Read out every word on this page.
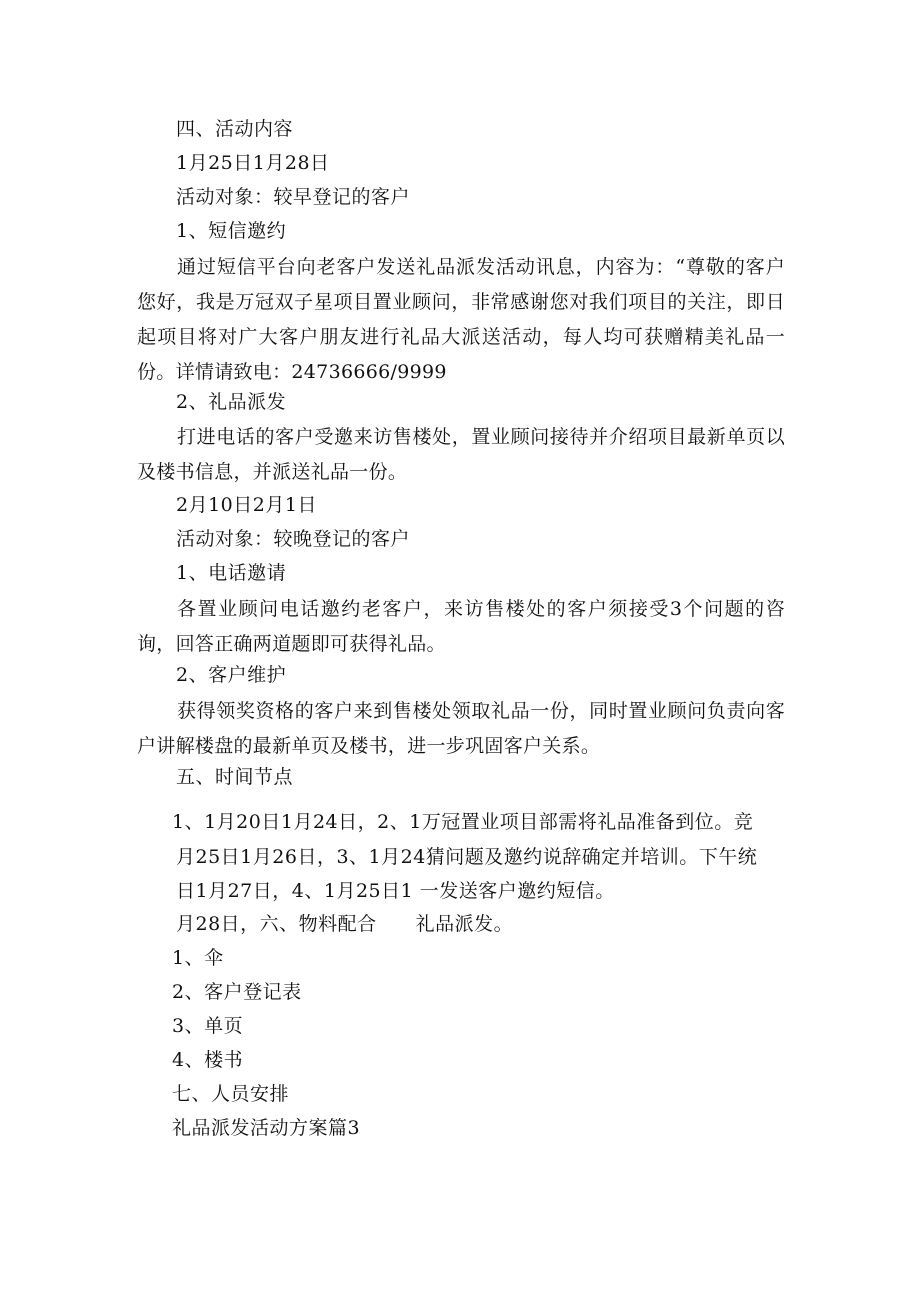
四、活动内容
1月25日1月28日
活动对象：较早登记的客户
1、短信邀约
通过短信平台向老客户发送礼品派发活动讯息，内容为：“尊敬的客户您好，我是万冠双子星项目置业顾问，非常感谢您对我们项目的关注，即日起项目将对广大客户朋友进行礼品大派送活动，每人均可获赠精美礼品一份。详情请致电：24736666/9999
2、礼品派发
打进电话的客户受邀来访售楼处，置业顾问接待并介绍项目最新单页以及楼书信息，并派送礼品一份。
2月10日2月1日
活动对象：较晚登记的客户
1、电话邀请
各置业顾问电话邀约老客户，来访售楼处的客户须接受3个问题的咨询，回答正确两道题即可获得礼品。
2、客户维护
获得领奖资格的客户来到售楼处领取礼品一份，同时置业顾问负责向客户讲解楼盘的最新单页及楼书，进一步巩固客户关系。
五、时间节点
1、1月20日1月24日，2、1万冠置业项目部需将礼品准备到位。竞
月25日1月26日，3、1月24猜问题及邀约说辞确定并培训。下午统
日1月27日，4、1月25日1 一发送客户邀约短信。
月28日，六、物料配合　　礼品派发。
1、伞
2、客户登记表
3、单页
4、楼书
七、人员安排
礼品派发活动方案篇3
